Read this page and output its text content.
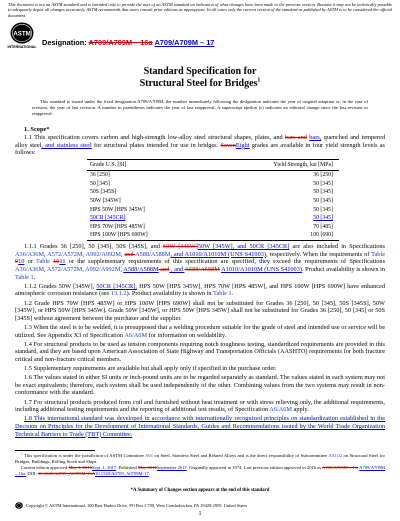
This document is not an ASTM standard and is intended only to provide the user of an ASTM standard an indication of what changes have been made to the previous version. Because it may not be technically possible to adequately depict all changes accurately, ASTM recommends that users consult prior editions as appropriate. In all cases only the current version of the standard as published by ASTM is to be considered the official document.

ASTM
INTERNATIONAL Designation: A709/A709M – 16a A709/A709M – 17

Standard Specification for
Structural Steel for Bridges$^1$

This standard is issued under the fixed designation A709/A709M; the number immediately following the designation indicates the year of original adoption or, in the case of revision, the year of last revision. A number in parentheses indicates the year of last reapproval. A superscript epsilon (ε) indicates an editorial change since the last revision or reapproval.

1. Scope*

1.1 This specification covers carbon and high-strength low-alloy steel structural shapes, plates, and bars and bars, quenched and tempered alloy steel, and stainless steel for structural plates intended for use in bridges. SevenEight grades are available in four yield strength levels as follows:

Grade U.S. [SI]	Yield Strength, ksi [MPa]
36 [250]	36 [250]
50 [345]	50 [345]
50S [345S]	50 [345]
50W [345W]	50 [345]
HPS 50W [HPS 345W]	50 [345]
50CR [345CR]	50 [345]
HPS 70W [HPS 485W]	70 [485]
HPS 100W [HPS 690W]	100 [690]

1.1.1 Grades 36 [250], 50 [345], 50S [345S], and 50W [345W]50W [345W], and 50CR [345CR] are also included in Specifications A36/A36M, A572/A572M, A992/A992M, and A588/A588M, and A1010/A1010M (UNS S41003), respectively. When the requirements of Table 910 or Table 1011 or the supplementary requirements of this specification are specified, they exceed the requirements of Specifications A36/A36M, A572/A572M, A992/A992M, A588/A588M and , and A588/A588M A1010/A1010M (UNS S41003). Product availability is shown in Table 1.

1.1.2 Grades 50W [345W], 50CR [345CR], HPS 50W [HPS 345W], HPS 70W [HPS 485W], and HPS 100W [HPS 690W] have enhanced atmospheric corrosion resistance (see 13.1.2). Product availability is shown in Table 1.

1.2 Grade HPS 70W [HPS 485W] or HPS 100W [HPS 690W] shall not be substituted for Grades 36 [250], 50 [345], 50S [345S], 50W [345W], or HPS 50W [HPS 345W]. Grade 50W [345W], or HPS 50W [HPS 345W] shall not be substituted for Grades 36 [250], 50 [345] or 50S [345S] without agreement between the purchaser and the supplier.

1.3 When the steel is to be welded, it is presupposed that a welding procedure suitable for the grade of steel and intended use or service will be utilized. See Appendix X3 of Specification A6/A6M for information on weldability.

1.4 For structural products to be used as tension components requiring notch toughness testing, standardized requirements are provided in this standard, and they are based upon American Association of State Highway and Transportation Officials (AASHTO) requirements for both fracture critical and non-fracture critical members.

1.5 Supplementary requirements are available but shall apply only if specified in the purchase order.

1.6 The values stated in either SI units or inch-pound units are to be regarded separately as standard. The values stated in each system may not be exact equivalents; therefore, each system shall be used independently of the other. Combining values from the two systems may result in non-conformance with the standard.

1.7 For structural products produced from coil and furnished without heat treatment or with stress relieving only, the additional requirements, including additional testing requirements and the reporting of additional test results, of Specification A6/A6M apply.

1.8 This international standard was developed in accordance with internationally recognized principles on standardization established in the Decision on Principles for the Development of International Standards, Guides and Recommendations issued by the World Trade Organization Technical Barriers to Trade (TBT) Committee.

$^1$ This specification is under the jurisdiction of ASTM Committee A01 on Steel, Stainless Steel and Related Alloys and is the direct responsibility of Subcommittee A01.02 on Structural Steel for Bridges, Buildings, Rolling Stock and Ships.

Current edition approved May 1, 2016Sept. 1, 2017. Published May 2016September 2017. Originally approved in 1974. Last previous edition approved in 2016 as A709/A709M – 16. A709/A709M – 16a. DOI: 10.1520/A0709_A0709M-16A10.1520/A0709_A0709M-17.

*A Summary of Changes section appears at the end of this standard

Copyright © ASTM International, 100 Barr Harbor Drive, PO Box C700, West Conshohocken, PA 19428-2959. United States

1
